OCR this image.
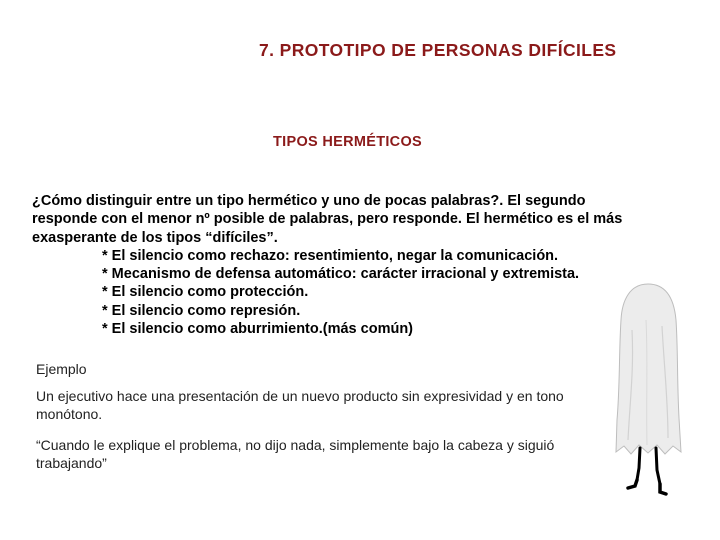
7. PROTOTIPO DE PERSONAS DIFÍCILES
TIPOS HERMÉTICOS
¿Cómo distinguir entre un tipo hermético y uno de pocas palabras?. El segundo
responde con el menor nº posible de palabras, pero responde. El hermético es el más
exasperante de los tipos “difíciles”.
* El silencio como rechazo: resentimiento, negar la comunicación.
* Mecanismo de defensa automático: carácter irracional y extremista.
* El silencio como protección.
* El silencio como represión.
* El silencio como aburrimiento.(más común)
Ejemplo
Un ejecutivo hace una presentación de un nuevo producto sin expresividad y en tono monótono.
“Cuando le explique el problema, no dijo nada, simplemente bajo la cabeza y siguió trabajando”
